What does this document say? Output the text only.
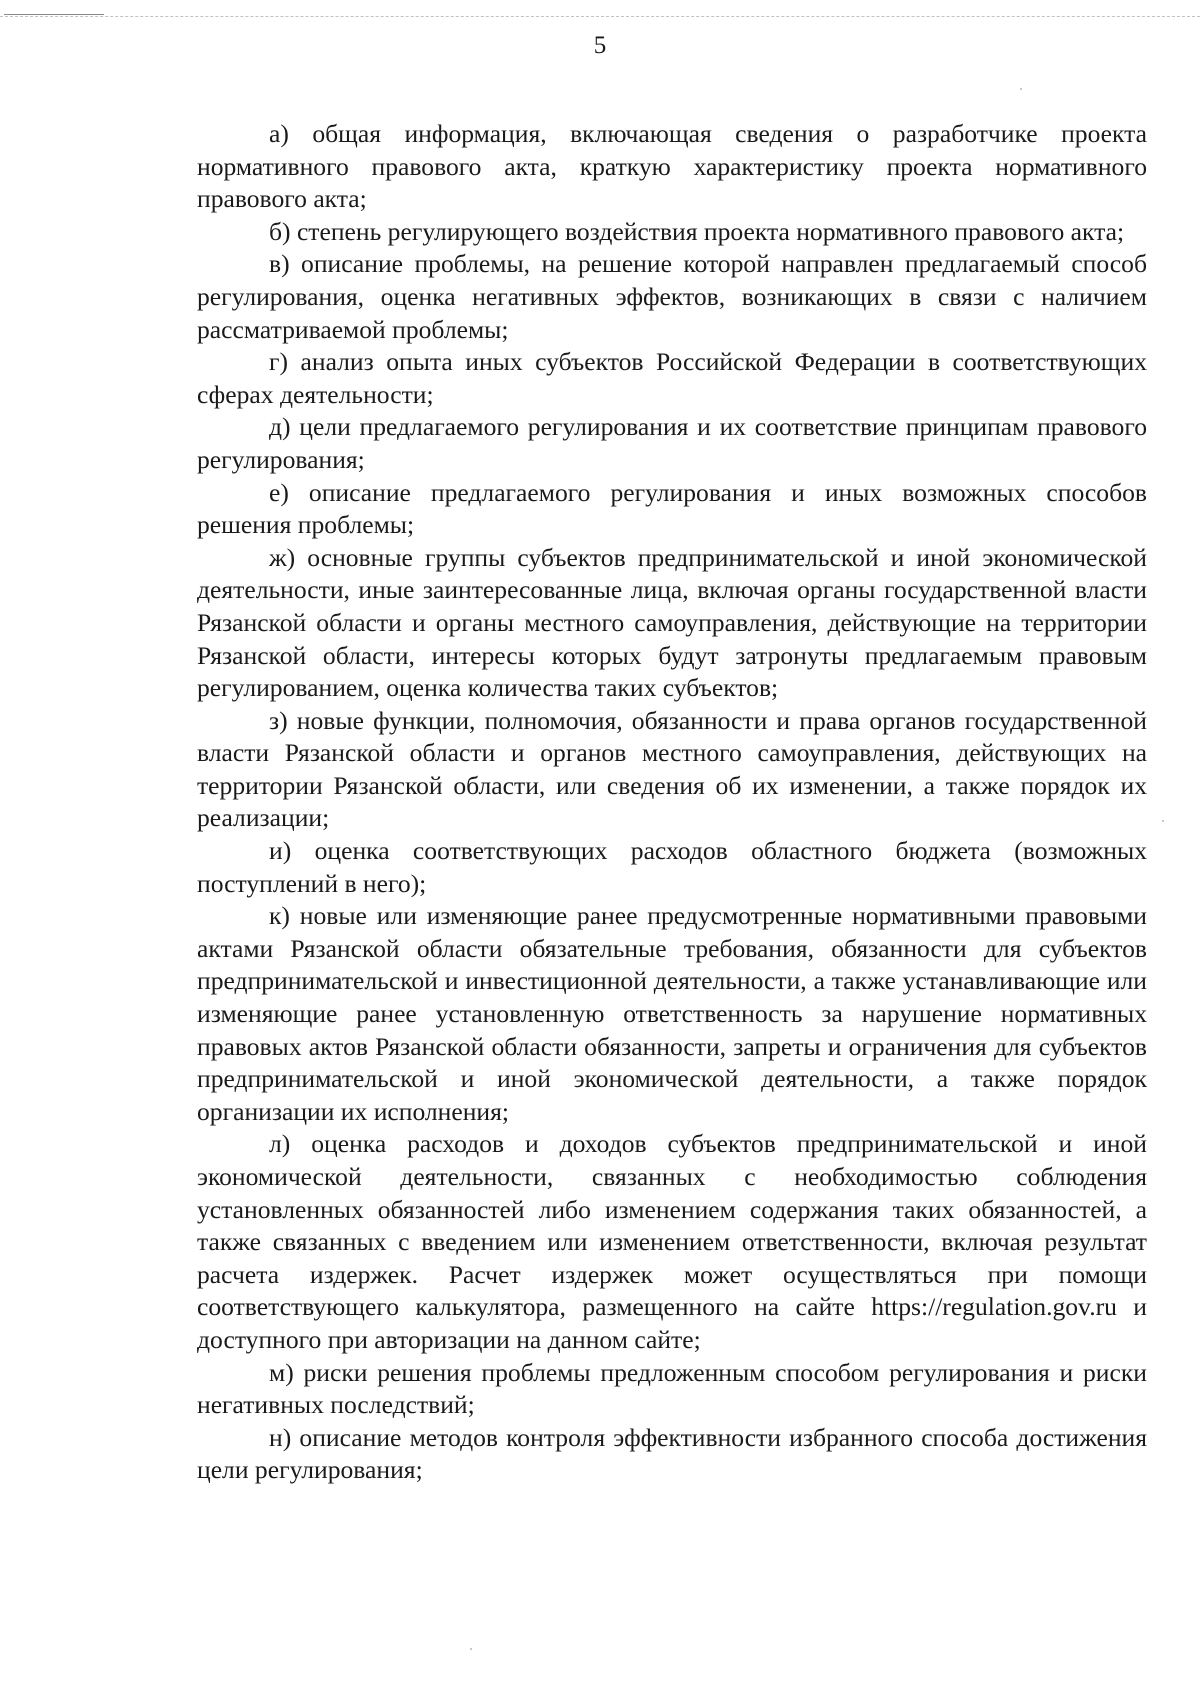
5

а) общая информация, включающая сведения о разработчике проекта нормативного правового акта, краткую характеристику проекта нормативного правового акта;

б) степень регулирующего воздействия проекта нормативного правового акта;

в) описание проблемы, на решение которой направлен предлагаемый способ регулирования, оценка негативных эффектов, возникающих в связи с наличием рассматриваемой проблемы;

г) анализ опыта иных субъектов Российской Федерации в соответствующих сферах деятельности;

д) цели предлагаемого регулирования и их соответствие принципам правового регулирования;

е) описание предлагаемого регулирования и иных возможных способов решения проблемы;

ж) основные группы субъектов предпринимательской и иной экономической деятельности, иные заинтересованные лица, включая органы государственной власти Рязанской области и органы местного самоуправления, действующие на территории Рязанской области, интересы которых будут затронуты предлагаемым правовым регулированием, оценка количества таких субъектов;

з) новые функции, полномочия, обязанности и права органов государственной власти Рязанской области и органов местного самоуправления, действующих на территории Рязанской области, или сведения об их изменении, а также порядок их реализации;

и) оценка соответствующих расходов областного бюджета (возможных поступлений в него);

к) новые или изменяющие ранее предусмотренные нормативными правовыми актами Рязанской области обязательные требования, обязанности для субъектов предпринимательской и инвестиционной деятельности, а также устанавливающие или изменяющие ранее установленную ответственность за нарушение нормативных правовых актов Рязанской области обязанности, запреты и ограничения для субъектов предпринимательской и иной экономической деятельности, а также порядок организации их исполнения;

л) оценка расходов и доходов субъектов предпринимательской и иной экономической деятельности, связанных с необходимостью соблюдения установленных обязанностей либо изменением содержания таких обязанностей, а также связанных с введением или изменением ответственности, включая результат расчета издержек. Расчет издержек может осуществляться при помощи соответствующего калькулятора, размещенного на сайте https://regulation.gov.ru и доступного при авторизации на данном сайте;

м) риски решения проблемы предложенным способом регулирования и риски негативных последствий;

н) описание методов контроля эффективности избранного способа достижения цели регулирования;
